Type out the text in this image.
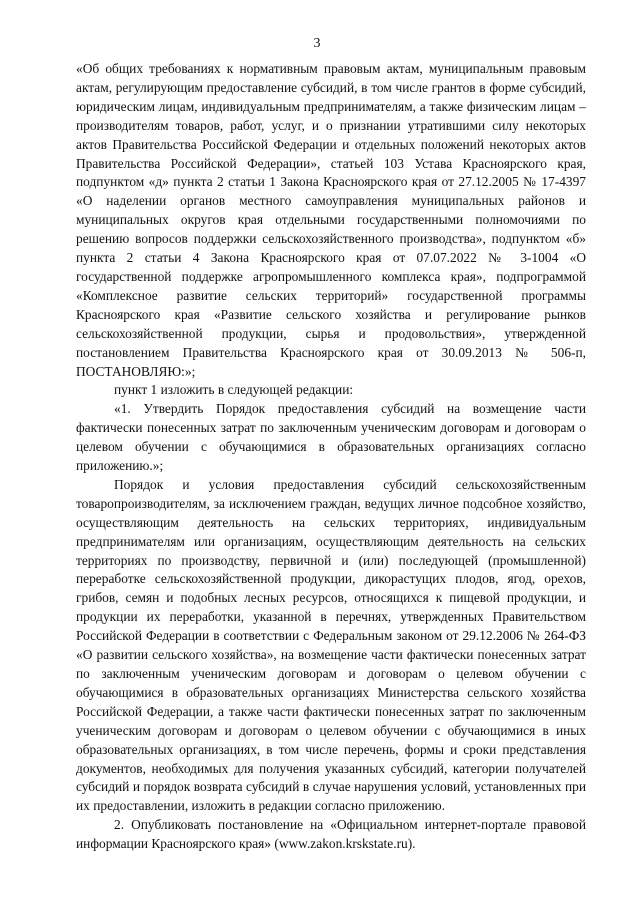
3

«Об общих требованиях к нормативным правовым актам, муниципальным правовым актам, регулирующим предоставление субсидий, в том числе грантов в форме субсидий, юридическим лицам, индивидуальным предпринимателям, а также физическим лицам – производителям товаров, работ, услуг, и о признании утратившими силу некоторых актов Правительства Российской Федерации и отдельных положений некоторых актов Правительства Российской Федерации», статьей 103 Устава Красноярского края, подпунктом «д» пункта 2 статьи 1 Закона Красноярского края от 27.12.2005 № 17-4397 «О наделении органов местного самоуправления муниципальных районов и муниципальных округов края отдельными государственными полномочиями по решению вопросов поддержки сельскохозяйственного производства», подпунктом «б» пункта 2 статьи 4 Закона Красноярского края от 07.07.2022 № 3-1004 «О государственной поддержке агропромышленного комплекса края», подпрограммой «Комплексное развитие сельских территорий» государственной программы Красноярского края «Развитие сельского хозяйства и регулирование рынков сельскохозяйственной продукции, сырья и продовольствия», утвержденной постановлением Правительства Красноярского края от 30.09.2013 № 506-п, ПОСТАНОВЛЯЮ:»;

пункт 1 изложить в следующей редакции:

«1. Утвердить Порядок предоставления субсидий на возмещение части фактически понесенных затрат по заключенным ученическим договорам и договорам о целевом обучении с обучающимися в образовательных организациях согласно приложению.»;

Порядок и условия предоставления субсидий сельскохозяйственным товаропроизводителям, за исключением граждан, ведущих личное подсобное хозяйство, осуществляющим деятельность на сельских территориях, индивидуальным предпринимателям или организациям, осуществляющим деятельность на сельских территориях по производству, первичной и (или) последующей (промышленной) переработке сельскохозяйственной продукции, дикорастущих плодов, ягод, орехов, грибов, семян и подобных лесных ресурсов, относящихся к пищевой продукции, и продукции их переработки, указанной в перечнях, утвержденных Правительством Российской Федерации в соответствии с Федеральным законом от 29.12.2006 № 264-ФЗ «О развитии сельского хозяйства», на возмещение части фактически понесенных затрат по заключенным ученическим договорам и договорам о целевом обучении с обучающимися в образовательных организациях Министерства сельского хозяйства Российской Федерации, а также части фактически понесенных затрат по заключенным ученическим договорам и договорам о целевом обучении с обучающимися в иных образовательных организациях, в том числе перечень, формы и сроки представления документов, необходимых для получения указанных субсидий, категории получателей субсидий и порядок возврата субсидий в случае нарушения условий, установленных при их предоставлении, изложить в редакции согласно приложению.

2. Опубликовать постановление на «Официальном интернет-портале правовой информации Красноярского края» (www.zakon.krskstate.ru).
